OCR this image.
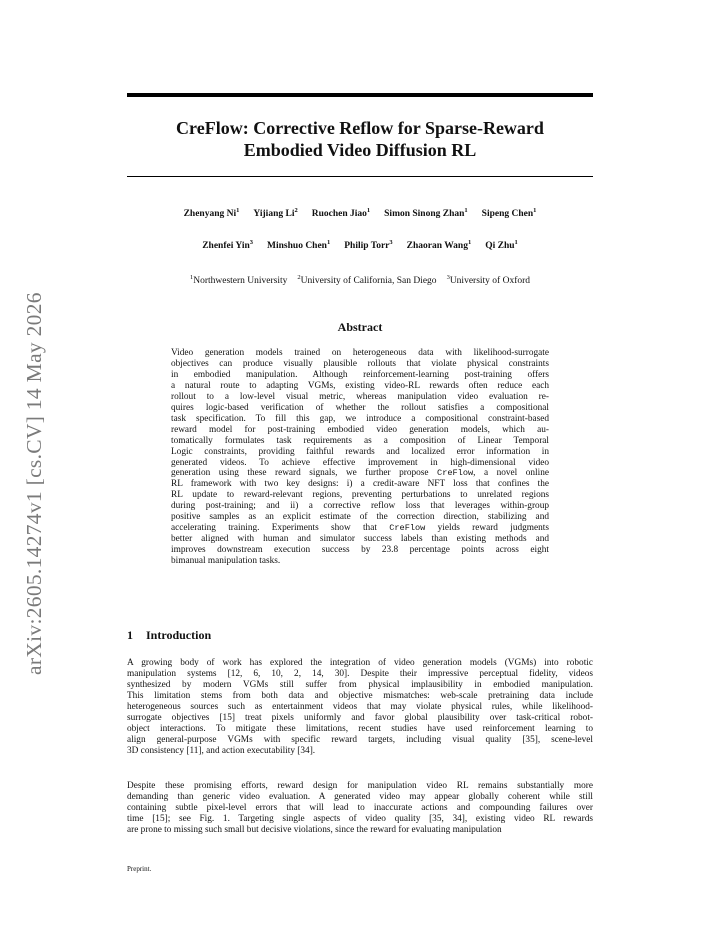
arXiv:2605.14274v1 [cs.CV] 14 May 2026
CreFlow: Corrective Reflow for Sparse-Reward
Embodied Video Diffusion RL
Zhenyang Ni$^1$ Yijiang Li$^2$ Ruochen Jiao$^1$ Simon Sinong Zhan$^1$ Sipeng Chen$^1$
Zhenfei Yin$^3$ Minshuo Chen$^1$ Philip Torr$^3$ Zhaoran Wang$^1$ Qi Zhu$^1$
$^1$Northwestern University $^2$University of California, San Diego $^3$University of Oxford
Abstract
Video generation models trained on heterogeneous data with likelihood-surrogate
objectives can produce visually plausible rollouts that violate physical constraints
in embodied manipulation. Although reinforcement-learning post-training offers
a natural route to adapting VGMs, existing video-RL rewards often reduce each
rollout to a low-level visual metric, whereas manipulation video evaluation re-
quires logic-based verification of whether the rollout satisfies a compositional
task specification. To fill this gap, we introduce a compositional constraint-based
reward model for post-training embodied video generation models, which au-
tomatically formulates task requirements as a composition of Linear Temporal
Logic constraints, providing faithful rewards and localized error information in
generated videos. To achieve effective improvement in high-dimensional video
generation using these reward signals, we further propose CreFlow, a novel online
RL framework with two key designs: i) a credit-aware NFT loss that confines the
RL update to reward-relevant regions, preventing perturbations to unrelated regions
during post-training; and ii) a corrective reflow loss that leverages within-group
positive samples as an explicit estimate of the correction direction, stabilizing and
accelerating training. Experiments show that CreFlow yields reward judgments
better aligned with human and simulator success labels than existing methods and
improves downstream execution success by 23.8 percentage points across eight
bimanual manipulation tasks.
1 Introduction
A growing body of work has explored the integration of video generation models (VGMs) into robotic
manipulation systems [12, 6, 10, 2, 14, 30]. Despite their impressive perceptual fidelity, videos
synthesized by modern VGMs still suffer from physical implausibility in embodied manipulation.
This limitation stems from both data and objective mismatches: web-scale pretraining data include
heterogeneous sources such as entertainment videos that may violate physical rules, while likelihood-
surrogate objectives [15] treat pixels uniformly and favor global plausibility over task-critical robot-
object interactions. To mitigate these limitations, recent studies have used reinforcement learning to
align general-purpose VGMs with specific reward targets, including visual quality [35], scene-level
3D consistency [11], and action executability [34].
Despite these promising efforts, reward design for manipulation video RL remains substantially more
demanding than generic video evaluation. A generated video may appear globally coherent while still
containing subtle pixel-level errors that will lead to inaccurate actions and compounding failures over
time [15]; see Fig. 1. Targeting single aspects of video quality [35, 34], existing video RL rewards
are prone to missing such small but decisive violations, since the reward for evaluating manipulation
Preprint.
